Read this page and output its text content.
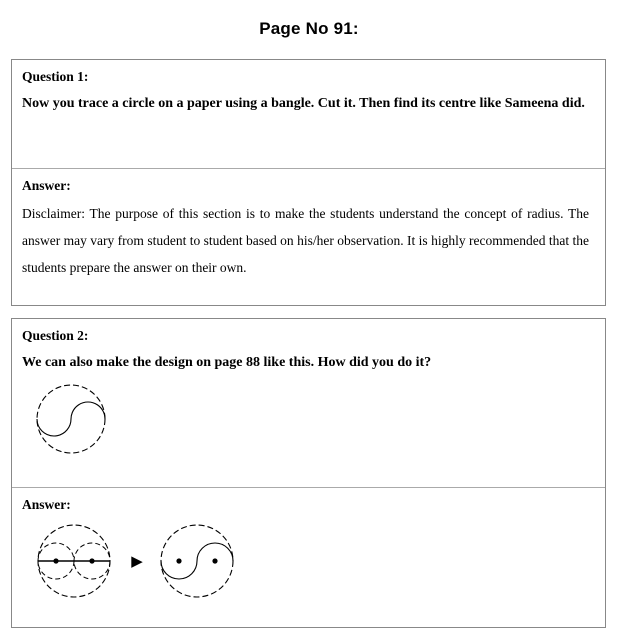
Page No 91:

Question 1:

Now you trace a circle on a paper using a bangle. Cut it. Then find its centre like Sameena did.

Answer:

Disclaimer: The purpose of this section is to make the students understand the concept of radius. The answer may vary from student to student based on his/her observation. It is highly recommended that the students prepare the answer on their own.

Question 2:

We can also make the design on page 88 like this. How did you do it?

Answer:

▶
